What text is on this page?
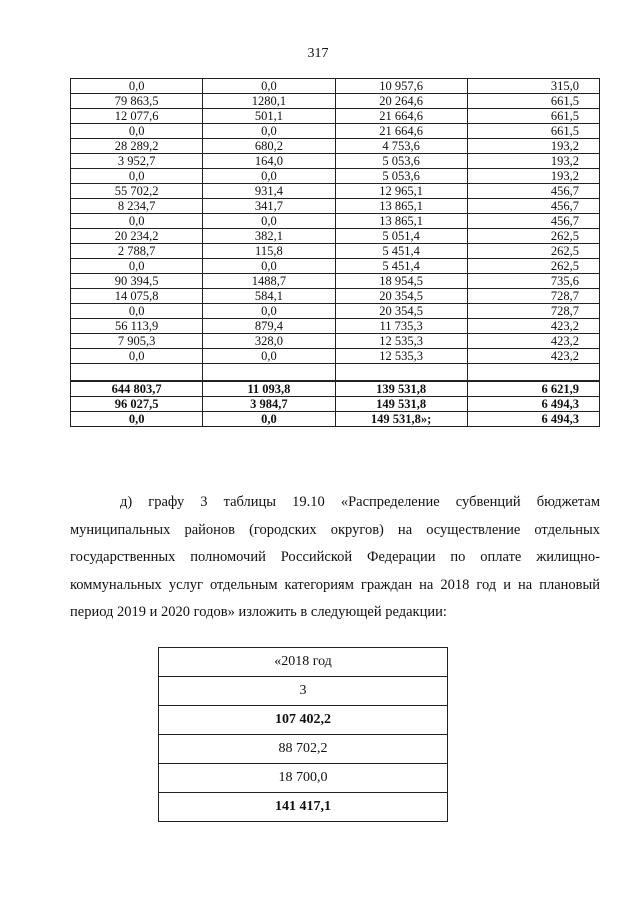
317
0,0	0,0	10 957,6	315,0
79 863,5	1280,1	20 264,6	661,5
12 077,6	501,1	21 664,6	661,5
0,0	0,0	21 664,6	661,5
28 289,2	680,2	4 753,6	193,2
3 952,7	164,0	5 053,6	193,2
0,0	0,0	5 053,6	193,2
55 702,2	931,4	12 965,1	456,7
8 234,7	341,7	13 865,1	456,7
0,0	0,0	13 865,1	456,7
20 234,2	382,1	5 051,4	262,5
2 788,7	115,8	5 451,4	262,5
0,0	0,0	5 451,4	262,5
90 394,5	1488,7	18 954,5	735,6
14 075,8	584,1	20 354,5	728,7
0,0	0,0	20 354,5	728,7
56 113,9	879,4	11 735,3	423,2
7 905,3	328,0	12 535,3	423,2
0,0	0,0	12 535,3	423,2

644 803,7	11 093,8	139 531,8	6 621,9
96 027,5	3 984,7	149 531,8	6 494,3
0,0	0,0	149 531,8»;	6 494,3
д) графу 3 таблицы 19.10 «Распределение субвенций бюджетам
муниципальных районов (городских округов) на осуществление отдельных
государственных полномочий Российской Федерации по оплате жилищно-
коммунальных услуг отдельным категориям граждан на 2018 год и на плановый
период 2019 и 2020 годов» изложить в следующей редакции:
«2018 год
3
107 402,2
88 702,2
18 700,0
141 417,1
